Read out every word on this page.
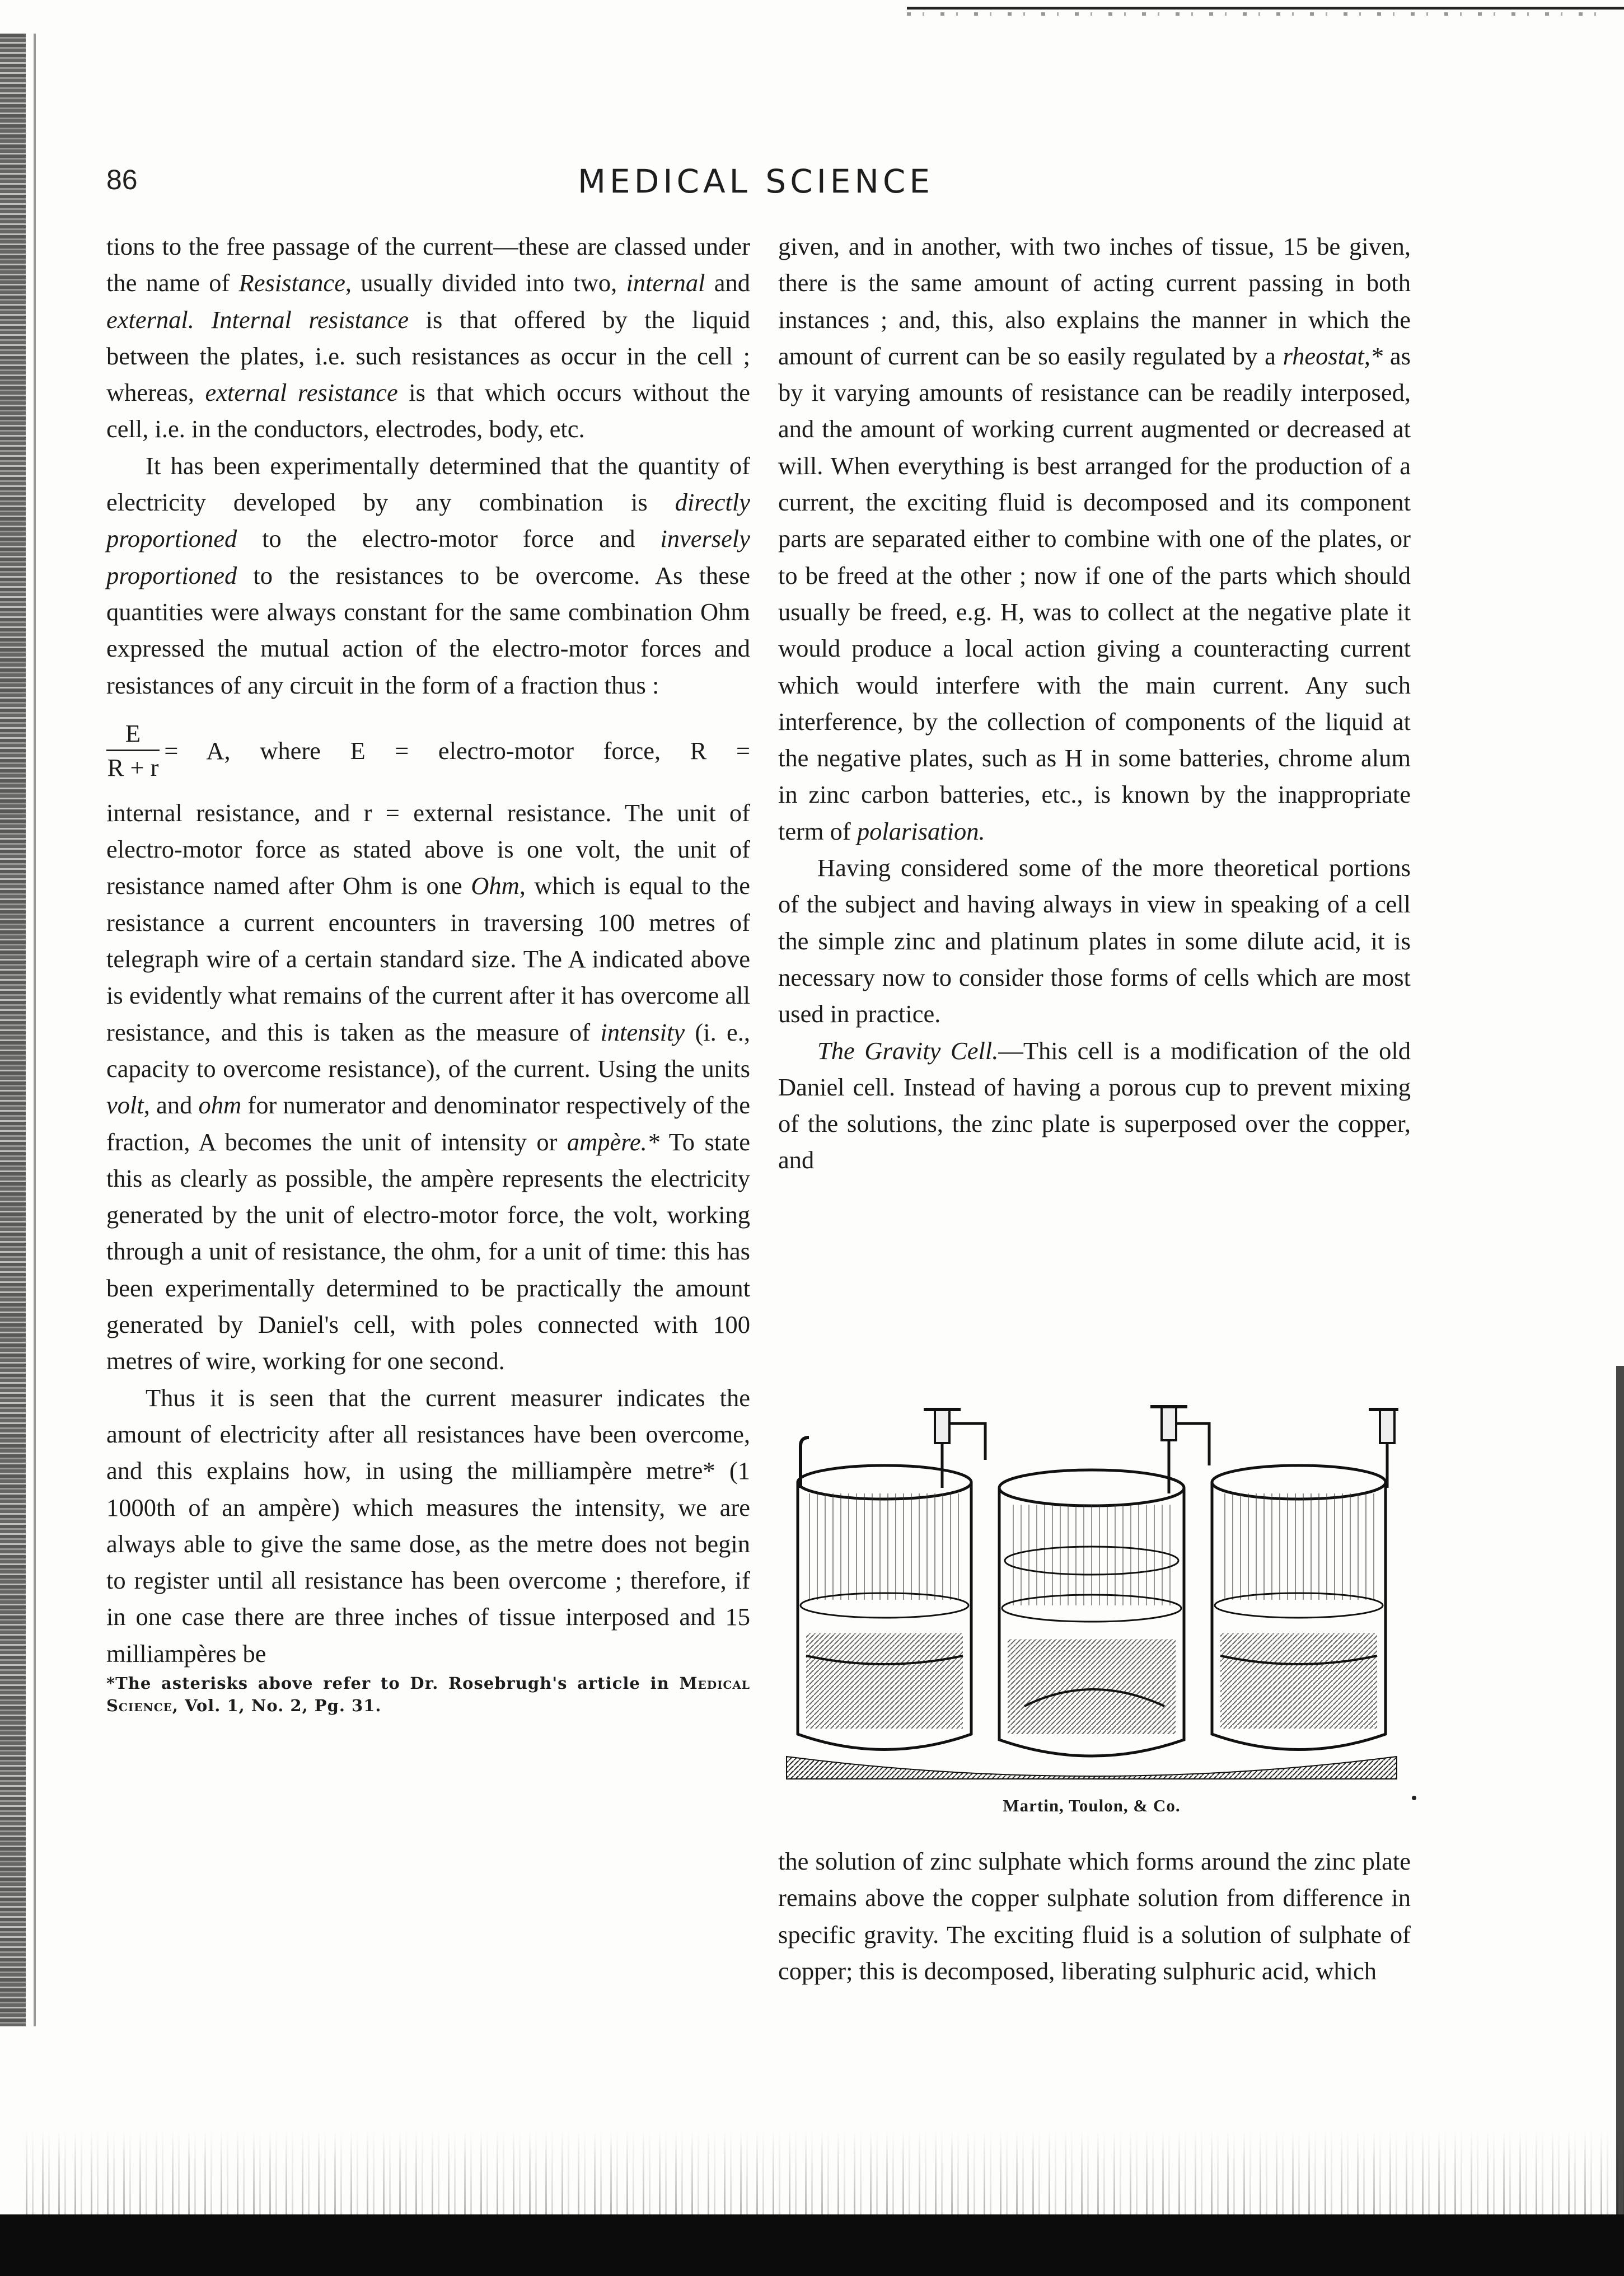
86	MEDICAL SCIENCE

tions to the free passage of the current—these are classed under the name of Resistance, usually divided into two, internal and external. Internal resistance is that offered by the liquid between the plates, i.e. such resistances as occur in the cell ; whereas, external resistance is that which occurs without the cell, i.e. in the conductors, electrodes, body, etc.

It has been experimentally determined that the quantity of electricity developed by any combination is directly proportioned to the electro-motor force and inversely proportioned to the resistances to be overcome. As these quantities were always constant for the same combination Ohm expressed the mutual action of the electro-motor forces and resistances of any circuit in the form of a fraction thus :

$\frac{E}{R + r} = A$, where E = electro-motor force, R =

internal resistance, and r = external resistance. The unit of electro-motor force as stated above is one volt, the unit of resistance named after Ohm is one Ohm, which is equal to the resistance a current encounters in traversing 100 metres of telegraph wire of a certain standard size. The A indicated above is evidently what remains of the current after it has overcome all resistance, and this is taken as the measure of intensity (i. e., capacity to overcome resistance), of the current. Using the units volt, and ohm for numerator and denominator respectively of the fraction, A becomes the unit of intensity or ampère.* To state this as clearly as possible, the ampère represents the electricity generated by the unit of electro-motor force, the volt, working through a unit of resistance, the ohm, for a unit of time: this has been experimentally determined to be practically the amount generated by Daniel's cell, with poles connected with 100 metres of wire, working for one second.

Thus it is seen that the current measurer indicates the amount of electricity after all resistances have been overcome, and this explains how, in using the milliampère metre* (1 1000th of an ampère) which measures the intensity, we are always able to give the same dose, as the metre does not begin to register until all resistance has been overcome ; therefore, if in one case there are three inches of tissue interposed and 15 milliampères be

*The asterisks above refer to Dr. Rosebrugh's article in Medical Science, Vol. 1, No. 2, Pg. 31.

given, and in another, with two inches of tissue, 15 be given, there is the same amount of acting current passing in both instances ; and, this, also explains the manner in which the amount of current can be so easily regulated by a rheostat,* as by it varying amounts of resistance can be readily interposed, and the amount of working current augmented or decreased at will. When everything is best arranged for the production of a current, the exciting fluid is decomposed and its component parts are separated either to combine with one of the plates, or to be freed at the other ; now if one of the parts which should usually be freed, e.g. H, was to collect at the negative plate it would produce a local action giving a counteracting current which would interfere with the main current. Any such interference, by the collection of components of the liquid at the negative plates, such as H in some batteries, chrome alum in zinc carbon batteries, etc., is known by the inappropriate term of polarisation.

Having considered some of the more theoretical portions of the subject and having always in view in speaking of a cell the simple zinc and platinum plates in some dilute acid, it is necessary now to consider those forms of cells which are most used in practice.

The Gravity Cell.—This cell is a modification of the old Daniel cell. Instead of having a porous cup to prevent mixing of the solutions, the zinc plate is superposed over the copper, and

Martin, Toulon, & Co.

the solution of zinc sulphate which forms around the zinc plate remains above the copper sulphate solution from difference in specific gravity. The exciting fluid is a solution of sulphate of copper; this is decomposed, liberating sulphuric acid, which
